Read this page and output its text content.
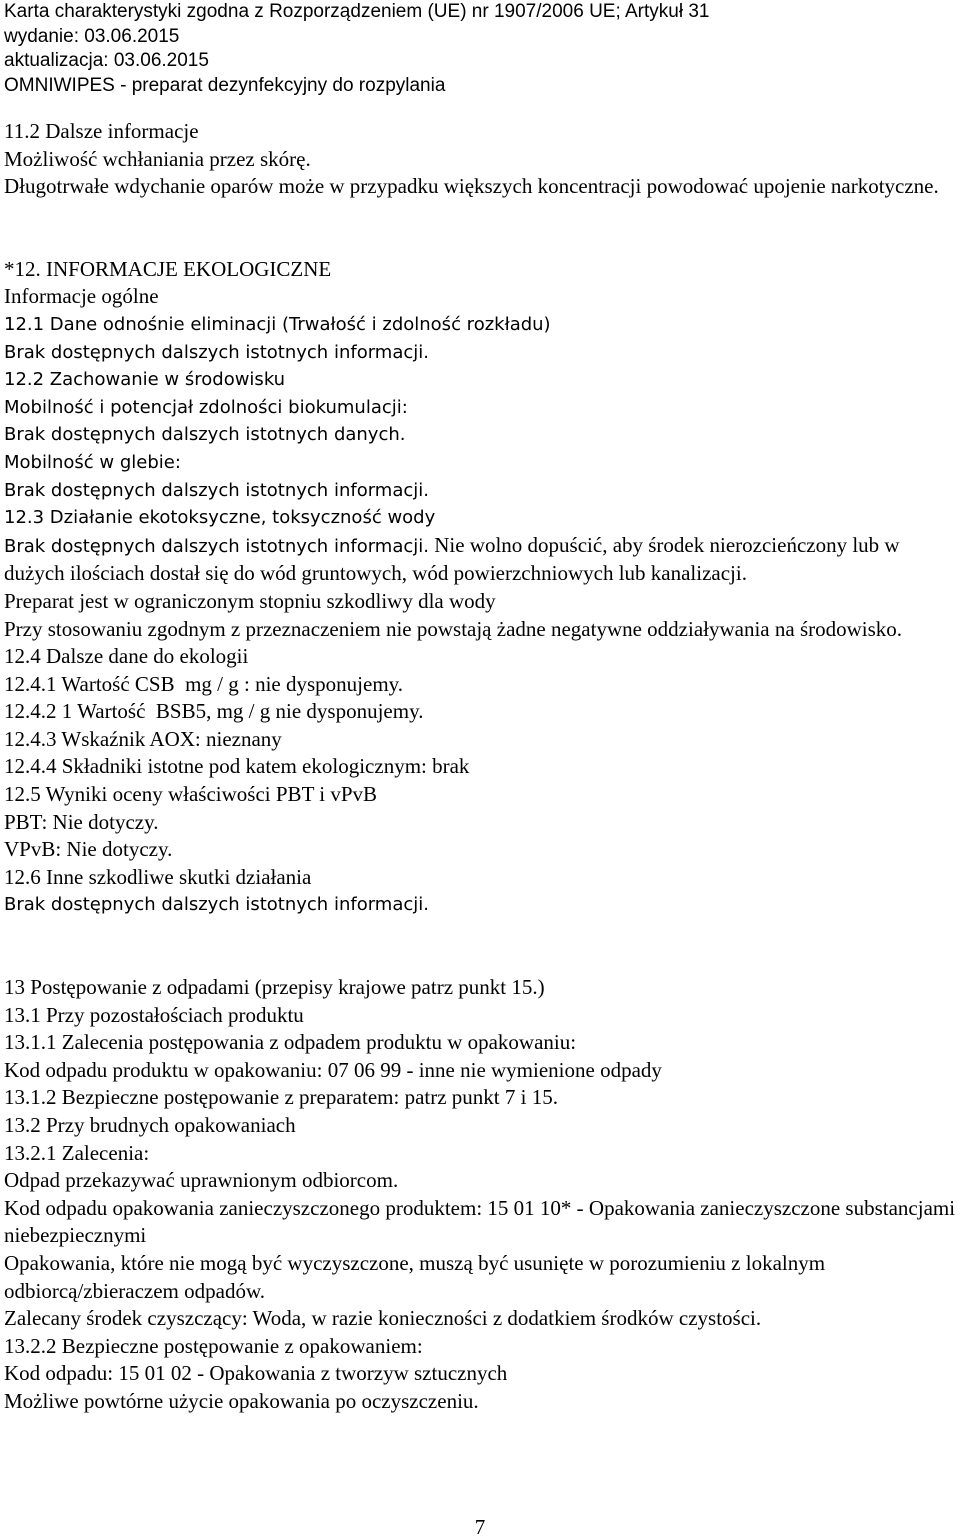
Karta charakterystyki zgodna z Rozporządzeniem (UE) nr 1907/2006 UE; Artykuł 31
wydanie: 03.06.2015
aktualizacja: 03.06.2015
OMNIWIPES - preparat dezynfekcyjny do rozpylania
11.2 Dalsze informacje
Możliwość wchłaniania przez skórę.
Długotrwałe wdychanie oparów może w przypadku większych koncentracji powodować upojenie narkotyczne.
*12. INFORMACJE EKOLOGICZNE
Informacje ogólne
12.1 Dane odnośnie eliminacji (Trwałość i zdolność rozkładu)
Brak dostępnych dalszych istotnych informacji.
12.2 Zachowanie w środowisku
Mobilność i potencjał zdolności biokumulacji:
Brak dostępnych dalszych istotnych danych.
Mobilność w glebie:
Brak dostępnych dalszych istotnych informacji.
12.3 Działanie ekotoksyczne, toksyczność wody
Brak dostępnych dalszych istotnych informacji. Nie wolno dopuścić, aby środek nierozcieńczony lub w dużych ilościach dostał się do wód gruntowych, wód powierzchniowych lub kanalizacji.
Preparat jest w ograniczonym stopniu szkodliwy dla wody
Przy stosowaniu zgodnym z przeznaczeniem nie powstają żadne negatywne oddziaływania na środowisko.
12.4 Dalsze dane do ekologii
12.4.1 Wartość CSB  mg / g : nie dysponujemy.
12.4.2 1 Wartość  BSB5, mg / g nie dysponujemy.
12.4.3 Wskaźnik AOX: nieznany
12.4.4 Składniki istotne pod katem ekologicznym: brak
12.5 Wyniki oceny właściwości PBT i vPvB
PBT: Nie dotyczy.
VPvB: Nie dotyczy.
12.6 Inne szkodliwe skutki działania
Brak dostępnych dalszych istotnych informacji.
13 Postępowanie z odpadami (przepisy krajowe patrz punkt 15.)
13.1 Przy pozostałościach produktu
13.1.1 Zalecenia postępowania z odpadem produktu w opakowaniu:
Kod odpadu produktu w opakowaniu: 07 06 99 - inne nie wymienione odpady
13.1.2 Bezpieczne postępowanie z preparatem: patrz punkt 7 i 15.
13.2 Przy brudnych opakowaniach
13.2.1 Zalecenia:
Odpad przekazywać uprawnionym odbiorcom.
Kod odpadu opakowania zanieczyszczonego produktem: 15 01 10* - Opakowania zanieczyszczone substancjami niebezpiecznymi
Opakowania, które nie mogą być wyczyszczone, muszą być usunięte w porozumieniu z lokalnym odbiorcą/zbieraczem odpadów.
Zalecany środek czyszczący: Woda, w razie konieczności z dodatkiem środków czystości.
13.2.2 Bezpieczne postępowanie z opakowaniem:
Kod odpadu: 15 01 02 - Opakowania z tworzyw sztucznych
Możliwe powtórne użycie opakowania po oczyszczeniu.
7
